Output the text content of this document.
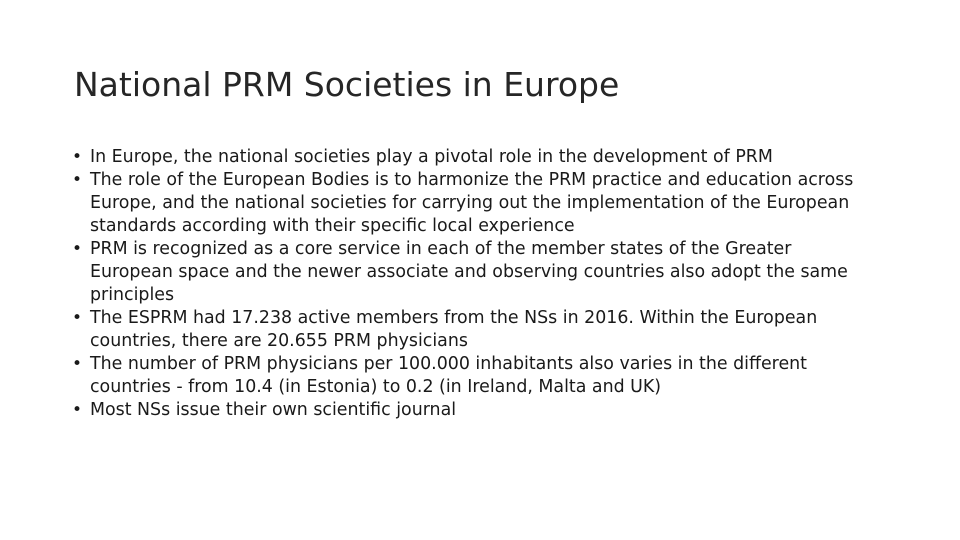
National PRM Societies in Europe
• In Europe, the national societies play a pivotal role in the development of PRM
• The role of the European Bodies is to harmonize the PRM practice and education across Europe, and the national societies for carrying out the implementation of the European standards according with their specific local experience
• PRM is recognized as a core service in each of the member states of the Greater European space and the newer associate and observing countries also adopt the same principles
• The ESPRM had 17.238 active members from the NSs in 2016. Within the European countries, there are 20.655 PRM physicians
• The number of PRM physicians per 100.000 inhabitants also varies in the different countries - from 10.4 (in Estonia) to 0.2 (in Ireland, Malta and UK)
• Most NSs issue their own scientific journal
